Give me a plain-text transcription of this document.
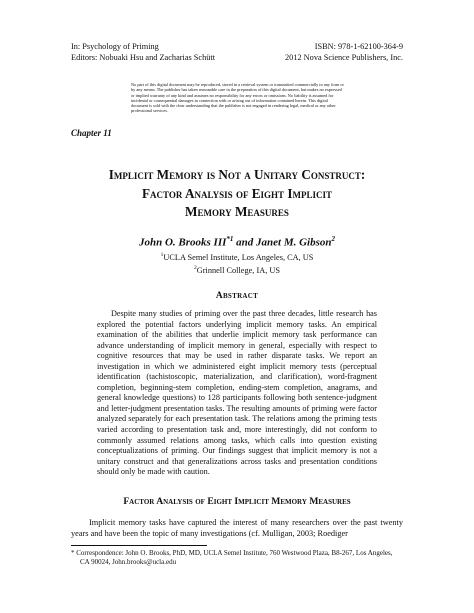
In: Psychology of Priming
Editors: Nobuaki Hsu and Zacharias Schütt
ISBN: 978-1-62100-364-9
2012 Nova Science Publishers, Inc.
No part of this digital document may be reproduced, stored in a retrieval system or transmitted commercially in any form or by any means. The publisher has taken reasonable care in the preparation of this digital document, but makes no expressed or implied warranty of any kind and assumes no responsibility for any errors or omissions. No liability is assumed for incidental or consequential damages in connection with or arising out of information contained herein. This digital document is sold with the clear understanding that the publisher is not engaged in rendering legal, medical or any other professional services.
Chapter 11
Implicit Memory is Not a Unitary Construct:
Factor Analysis of Eight Implicit
Memory Measures
John O. Brooks III$^{*1}$ and Janet M. Gibson$^2$
$^1$UCLA Semel Institute, Los Angeles, CA, US
$^2$Grinnell College, IA, US
Abstract
Despite many studies of priming over the past three decades, little research has explored the potential factors underlying implicit memory tasks. An empirical examination of the abilities that underlie implicit memory task performance can advance understanding of implicit memory in general, especially with respect to cognitive resources that may be used in rather disparate tasks. We report an investigation in which we administered eight implicit memory tests (perceptual identification (tachistoscopic, materialization, and clarification), word-fragment completion, beginning-stem completion, ending-stem completion, anagrams, and general knowledge questions) to 128 participants following both sentence-judgment and letter-judgment presentation tasks. The resulting amounts of priming were factor analyzed separately for each presentation task. The relations among the priming tests varied according to presentation task and, more interestingly, did not conform to commonly assumed relations among tasks, which calls into question existing conceptualizations of priming. Our findings suggest that implicit memory is not a unitary construct and that generalizations across tasks and presentation conditions should only be made with caution.
Factor Analysis of Eight Implicit Memory Measures
Implicit memory tasks have captured the interest of many researchers over the past twenty years and have been the topic of many investigations (cf. Mulligan, 2003; Roediger
* Correspondence: John O. Brooks, PhD, MD, UCLA Semel Institute, 760 Westwood Plaza, B8-267, Los Angeles,
CA 90024, John.brooks@ucla.edu
